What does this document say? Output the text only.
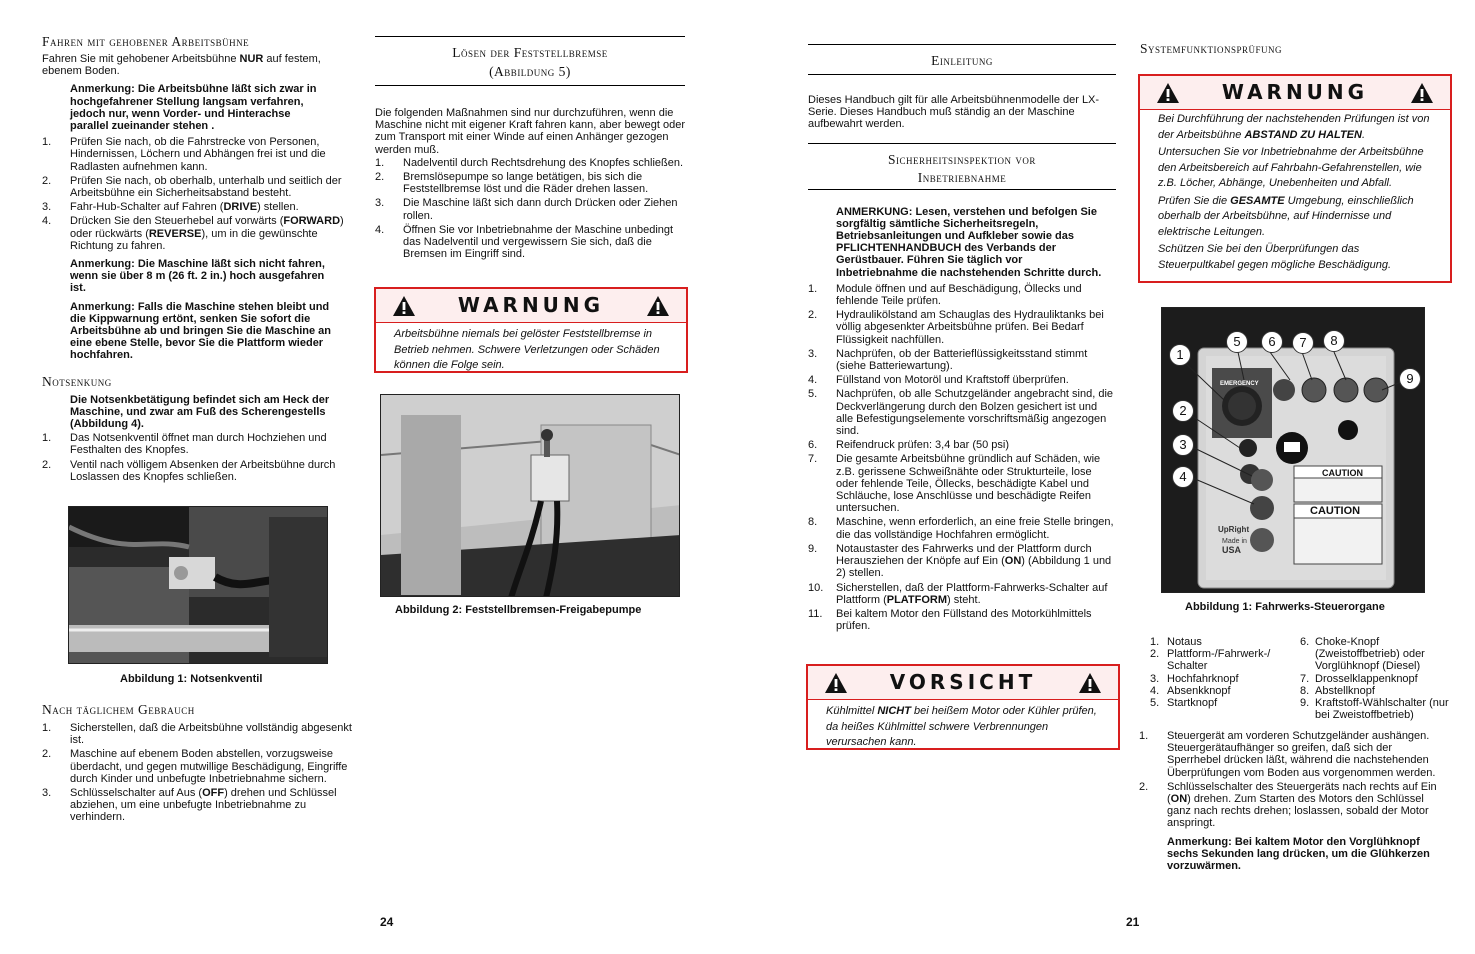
Fahren mit gehobener Arbeitsbühne

Fahren Sie mit gehobener Arbeitsbühne NUR auf festem, ebenem Boden.

Anmerkung: Die Arbeitsbühne läßt sich zwar in hochgefahrener Stellung langsam verfahren, jedoch nur, wenn Vorder- und Hinterachse parallel zueinander stehen .

1. Prüfen Sie nach, ob die Fahrstrecke von Personen, Hindernissen, Löchern und Abhängen frei ist und die Radlasten aufnehmen kann.
2. Prüfen Sie nach, ob oberhalb, unterhalb und seitlich der Arbeitsbühne ein Sicherheitsabstand besteht.
3. Fahr-Hub-Schalter auf Fahren (DRIVE) stellen.
4. Drücken Sie den Steuerhebel auf vorwärts (FORWARD) oder rückwärts (REVERSE), um in die gewünschte Richtung zu fahren.

Anmerkung: Die Maschine läßt sich nicht fahren, wenn sie über 8 m (26 ft. 2 in.) hoch ausgefahren ist.

Anmerkung: Falls die Maschine stehen bleibt und die Kippwarnung ertönt, senken Sie sofort die Arbeitsbühne ab und bringen Sie die Maschine an eine ebene Stelle, bevor Sie die Plattform wieder hochfahren.

Notsenkung

Die Notsenkbetätigung befindet sich am Heck der Maschine, und zwar am Fuß des Scherengestells (Abbildung 4).

1. Das Notsenkventil öffnet man durch Hochziehen und Festhalten des Knopfes.
2. Ventil nach völligem Absenken der Arbeitsbühne durch Loslassen des Knopfes schließen.
Abbildung 1: Notsenkventil
Nach täglichem Gebrauch
1. Sicherstellen, daß die Arbeitsbühne vollständig abgesenkt ist.
2. Maschine auf ebenem Boden abstellen, vorzugsweise überdacht, und gegen mutwillige Beschädigung, Eingriffe durch Kinder und unbefugte Inbetriebnahme sichern.
3. Schlüsselschalter auf Aus (OFF) drehen und Schlüssel abziehen, um eine unbefugte Inbetriebnahme zu verhindern.
Lösen der Feststellbremse
(Abbildung 5)

Die folgenden Maßnahmen sind nur durchzuführen, wenn die Maschine nicht mit eigener Kraft fahren kann, aber bewegt oder zum Transport mit einer Winde auf einen Anhänger gezogen werden muß.

1. Nadelventil durch Rechtsdrehung des Knopfes schließen.
2. Bremslösepumpe so lange betätigen, bis sich die Feststellbremse löst und die Räder drehen lassen.
3. Die Maschine läßt sich dann durch Drücken oder Ziehen rollen.
4. Öffnen Sie vor Inbetriebnahme der Maschine unbedingt das Nadelventil und vergewissern Sie sich, daß die Bremsen im Eingriff sind.
WARNUNG
Arbeitsbühne niemals bei gelöster Feststellbremse in Betrieb nehmen. Schwere Verletzungen oder Schäden können die Folge sein.
Abbildung 2: Feststellbremsen-Freigabepumpe
24
Einleitung

Dieses Handbuch gilt für alle Arbeitsbühnenmodelle der LX-Serie. Dieses Handbuch muß ständig an der Maschine aufbewahrt werden.

Sicherheitsinspektion vor
Inbetriebnahme

ANMERKUNG: Lesen, verstehen und befolgen Sie sorgfältig sämtliche Sicherheitsregeln, Betriebsanleitungen und Aufkleber sowie das PFLICHTENHANDBUCH des Verbands der Gerüstbauer. Führen Sie täglich vor Inbetriebnahme die nachstehenden Schritte durch.

1. Module öffnen und auf Beschädigung, Öllecks und fehlende Teile prüfen.
2. Hydraulikölstand am Schauglas des Hydrauliktanks bei völlig abgesenkter Arbeitsbühne prüfen. Bei Bedarf Flüssigkeit nachfüllen.
3. Nachprüfen, ob der Batterieflüssigkeitsstand stimmt (siehe Batteriewartung).
4. Füllstand von Motoröl und Kraftstoff überprüfen.
5. Nachprüfen, ob alle Schutzgeländer angebracht sind, die Deckverlängerung durch den Bolzen gesichert ist und alle Befestigungselemente vorschriftsmäßig angezogen sind.
6. Reifendruck prüfen: 3,4 bar (50 psi)
7. Die gesamte Arbeitsbühne gründlich auf Schäden, wie z.B. gerissene Schweißnähte oder Strukturteile, lose oder fehlende Teile, Öllecks, beschädigte Kabel und Schläuche, lose Anschlüsse und beschädigte Reifen untersuchen.
8. Maschine, wenn erforderlich, an eine freie Stelle bringen, die das vollständige Hochfahren ermöglicht.
9. Notaustaster des Fahrwerks und der Plattform durch Herausziehen der Knöpfe auf Ein (ON) (Abbildung 1 und 2) stellen.
10. Sicherstellen, daß der Plattform-Fahrwerks-Schalter auf Plattform (PLATFORM) steht.
11. Bei kaltem Motor den Füllstand des Motorkühlmittels prüfen.
VORSICHT
Kühlmittel NICHT bei heißem Motor oder Kühler prüfen, da heißes Kühlmittel schwere Verbrennungen verursachen kann.
Systemfunktionsprüfung
WARNUNG

Bei Durchführung der nachstehenden Prüfungen ist von der Arbeitsbühne ABSTAND ZU HALTEN.

Untersuchen Sie vor Inbetriebnahme der Arbeitsbühne den Arbeitsbereich auf Fahrbahn-Gefahrenstellen, wie z.B. Löcher, Abhänge, Unebenheiten und Abfall.

Prüfen Sie die GESAMTE Umgebung, einschließlich oberhalb der Arbeitsbühne, auf Hindernisse und elektrische Leitungen.

Schützen Sie bei den Überprüfungen das Steuerpultkabel gegen mögliche Beschädigung.

EMERGENCY
CAUTION
CAUTION
UpRight
Made in
USA
1
2
3
4
5	6	7	8
9
Abbildung 1: Fahrwerks-Steuerorgane
1. Notaus
2. Plattform-/Fahrwerk-/ Schalter
3. Hochfahrknopf
4. Absenkknopf
5. Startknopf
6. Choke-Knopf (Zweistoffbetrieb) oder Vorglühknopf (Diesel)
7. Drosselklappenknopf
8. Abstellknopf
9. Kraftstoff-Wählschalter (nur bei Zweistoffbetrieb)
1. Steuergerät am vorderen Schutzgeländer aushängen. Steuergerätaufhänger so greifen, daß sich der Sperrhebel drücken läßt, während die nachstehenden Überprüfungen vom Boden aus vorgenommen werden.
2. Schlüsselschalter des Steuergeräts nach rechts auf Ein (ON) drehen. Zum Starten des Motors den Schlüssel ganz nach rechts drehen; loslassen, sobald der Motor anspringt.

Anmerkung: Bei kaltem Motor den Vorglühknopf sechs Sekunden lang drücken, um die Glühkerzen vorzuwärmen.

21
